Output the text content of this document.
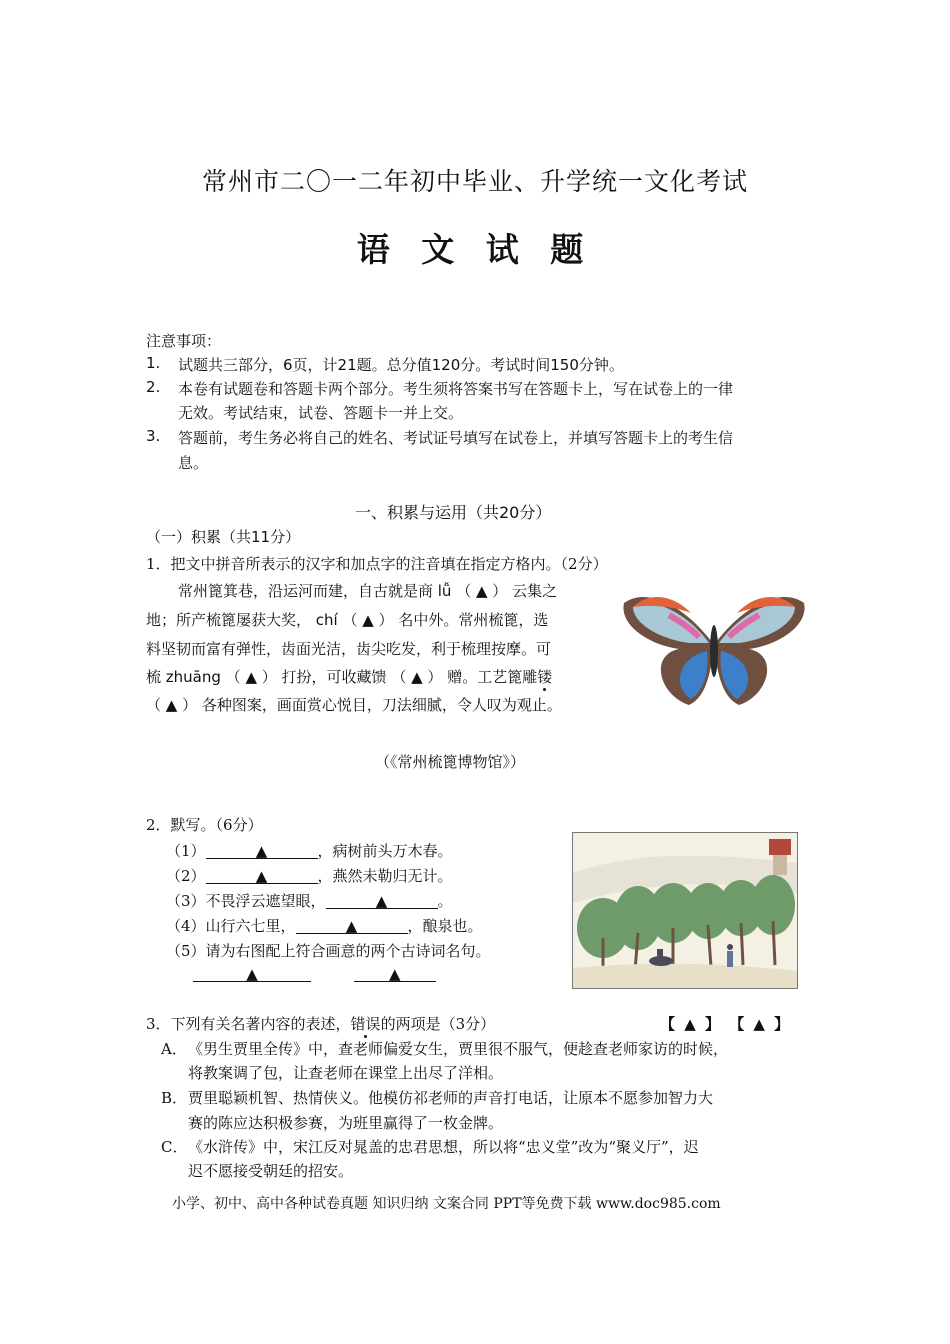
常州市二〇一二年初中毕业、升学统一文化考试
语 文 试 题
注意事项：
1. 试题共三部分，6页，计21题。总分值120分。考试时间150分钟。
2. 本卷有试题卷和答题卡两个部分。考生须将答案书写在答题卡上，写在试卷上的一律
无效。考试结束，试卷、答题卡一并上交。
3. 答题前，考生务必将自己的姓名、考试证号填写在试卷上，并填写答题卡上的考生信
息。
一、积累与运用（共20分）
（一）积累（共11分）
1．把文中拼音所表示的汉字和加点字的注音填在指定方格内。（2分）
常州篦箕巷，沿运河而建，自古就是商 lǚ （ ▲ ） 云集之
地；所产梳篦屡获大奖， chí （ ▲ ） 名中外。常州梳篦，选
料坚韧而富有弹性，齿面光洁，齿尖吃发，利于梳理按摩。可
梳 zhuāng （ ▲ ） 打扮，可收藏馈 （ ▲ ） 赠。工艺篦雕镂
（ ▲ ） 各种图案，画面赏心悦目，刀法细腻，令人叹为观止。
（《常州梳篦博物馆》）
2．默写。（6分）
（1）	▲	，病树前头万木春。
（2）	▲	，燕然未勒归无计。
（3）不畏浮云遮望眼，	▲	。
（4）山行六七里，	▲	，酿泉也。
（5）请为右图配上符合画意的两个古诗词名句。
▲	▲
3．下列有关名著内容的表述，错误的两项是（3分）	【 ▲ 】 【 ▲ 】
A． 《男生贾里全传》中，查老师偏爱女生，贾里很不服气，便趁查老师家访的时候，
将教案调了包，让查老师在课堂上出尽了洋相。
B． 贾里聪颖机智、热情侠义。他模仿祁老师的声音打电话，让原本不愿参加智力大
赛的陈应达积极参赛，为班里赢得了一枚金牌。
C． 《水浒传》中，宋江反对晁盖的忠君思想，所以将“忠义堂”改为“聚义厅”，迟
迟不愿接受朝廷的招安。
小学、初中、高中各种试卷真题 知识归纳 文案合同 PPT等免费下载 www.doc985.com
